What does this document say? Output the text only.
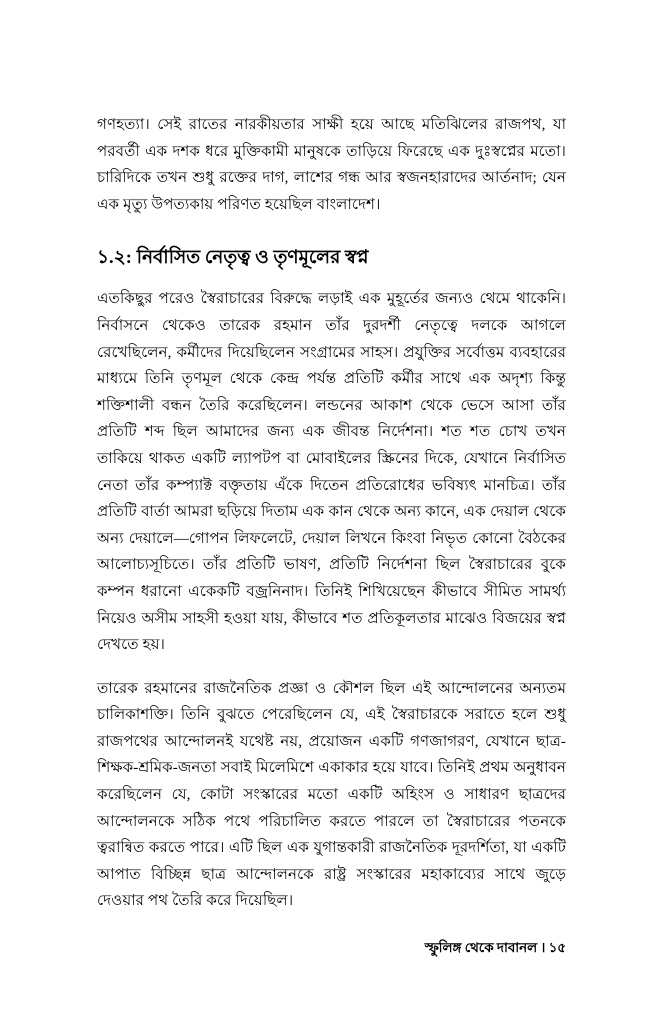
গণহত্যা। সেই রাতের নারকীয়তার সাক্ষী হয়ে আছে মতিঝিলের রাজপথ, যা পরবর্তী এক দশক ধরে মুক্তিকামী মানুষকে তাড়িয়ে ফিরেছে এক দুঃস্বপ্নের মতো। চারিদিকে তখন শুধু রক্তের দাগ, লাশের গন্ধ আর স্বজনহারাদের আর্তনাদ; যেন এক মৃত্যু উপত্যকায় পরিণত হয়েছিল বাংলাদেশ।

১.২: নির্বাসিত নেতৃত্ব ও তৃণমূলের স্বপ্ন

এতকিছুর পরেও স্বৈরাচারের বিরুদ্ধে লড়াই এক মুহূর্তের জন্যও থেমে থাকেনি। নির্বাসনে থেকেও তারেক রহমান তাঁর দুরদর্শী নেতৃত্বে দলকে আগলে রেখেছিলেন, কর্মীদের দিয়েছিলেন সংগ্রামের সাহস। প্রযুক্তির সর্বোত্তম ব্যবহারের মাধ্যমে তিনি তৃণমূল থেকে কেন্দ্র পর্যন্ত প্রতিটি কর্মীর সাথে এক অদৃশ্য কিন্তু শক্তিশালী বন্ধন তৈরি করেছিলেন। লন্ডনের আকাশ থেকে ভেসে আসা তাঁর প্রতিটি শব্দ ছিল আমাদের জন্য এক জীবন্ত নির্দেশনা। শত শত চোখ তখন তাকিয়ে থাকত একটি ল্যাপটপ বা মোবাইলের স্ক্রিনের দিকে, যেখানে নির্বাসিত নেতা তাঁর কম্প্যাক্ট বক্তৃতায় এঁকে দিতেন প্রতিরোধের ভবিষ্যৎ মানচিত্র। তাঁর প্রতিটি বার্তা আমরা ছড়িয়ে দিতাম এক কান থেকে অন্য কানে, এক দেয়াল থেকে অন্য দেয়ালে—গোপন লিফলেটে, দেয়াল লিখনে কিংবা নিভৃত কোনো বৈঠকের আলোচ্যসূচিতে। তাঁর প্রতিটি ভাষণ, প্রতিটি নির্দেশনা ছিল স্বৈরাচারের বুকে কম্পন ধরানো একেকটি বজ্রনিনাদ। তিনিই শিখিয়েছেন কীভাবে সীমিত সামর্থ্য নিয়েও অসীম সাহসী হওয়া যায়, কীভাবে শত প্রতিকূলতার মাঝেও বিজয়ের স্বপ্ন দেখতে হয়।

তারেক রহমানের রাজনৈতিক প্রজ্ঞা ও কৌশল ছিল এই আন্দোলনের অন্যতম চালিকাশক্তি। তিনি বুঝতে পেরেছিলেন যে, এই স্বৈরাচারকে সরাতে হলে শুধু রাজপথের আন্দোলনই যথেষ্ট নয়, প্রয়োজন একটি গণজাগরণ, যেখানে ছাত্র-শিক্ষক-শ্রমিক-জনতা সবাই মিলেমিশে একাকার হয়ে যাবে। তিনিই প্রথম অনুধাবন করেছিলেন যে, কোটা সংস্কারের মতো একটি অহিংস ও সাধারণ ছাত্রদের আন্দোলনকে সঠিক পথে পরিচালিত করতে পারলে তা স্বৈরাচারের পতনকে ত্বরান্বিত করতে পারে। এটি ছিল এক যুগান্তকারী রাজনৈতিক দূরদর্শিতা, যা একটি আপাত বিচ্ছিন্ন ছাত্র আন্দোলনকে রাষ্ট্র সংস্কারের মহাকাব্যের সাথে জুড়ে দেওয়ার পথ তৈরি করে দিয়েছিল।

স্ফুলিঙ্গ থেকে দাবানল । ১৫
